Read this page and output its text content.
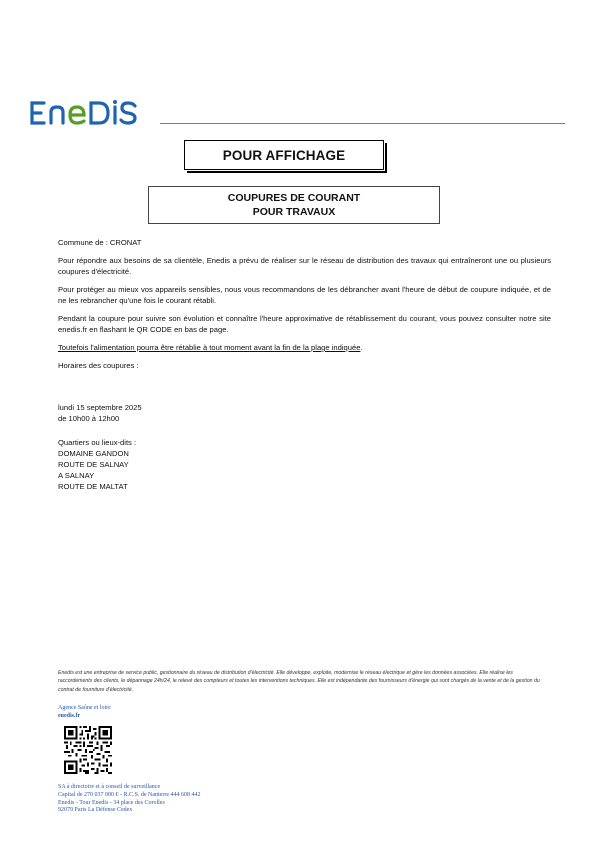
POUR AFFICHAGE
COUPURES DE COURANT
POUR TRAVAUX

Commune de : CRONAT

Pour répondre aux besoins de sa clientèle, Enedis a prévu de réaliser sur le réseau de distribution des travaux qui entraîneront une ou plusieurs coupures d'électricité.

Pour protéger au mieux vos appareils sensibles, nous vous recommandons de les débrancher avant l'heure de début de coupure indiquée, et de ne les rebrancher qu'une fois le courant rétabli.

Pendant la coupure pour suivre son évolution et connaître l'heure approximative de rétablissement du courant, vous pouvez consulter notre site enedis.fr en flashant le QR CODE en bas de page.

Toutefois l'alimentation pourra être rétablie à tout moment avant la fin de la plage indiquée.

Horaires des coupures :

lundi 15 septembre 2025
de 10h00 à 12h00
Quartiers ou lieux-dits :
DOMAINE GANDON
ROUTE DE SALNAY
A SALNAY
ROUTE DE MALTAT
Enedis est une entreprise de service public, gestionnaire du réseau de distribution d'électricité. Elle développe, exploite, modernise le réseau électrique et gère les données associées. Elle réalise les raccordements des clients, le dépannage 24h/24, le relevé des compteurs et toutes les interventions techniques. Elle est indépendante des fournisseurs d'énergie qui sont chargés de la vente et de la gestion du contrat de fourniture d'électricité.
Agence Saône et loire
enedis.fr
SA à directoire et à conseil de surveillance
Capital de 270 037 000 € - R.C.S. de Nanterre 444 608 442
Enedis - Tour Enedis - 34 place des Corolles
92079 Paris La Défense Cedex
